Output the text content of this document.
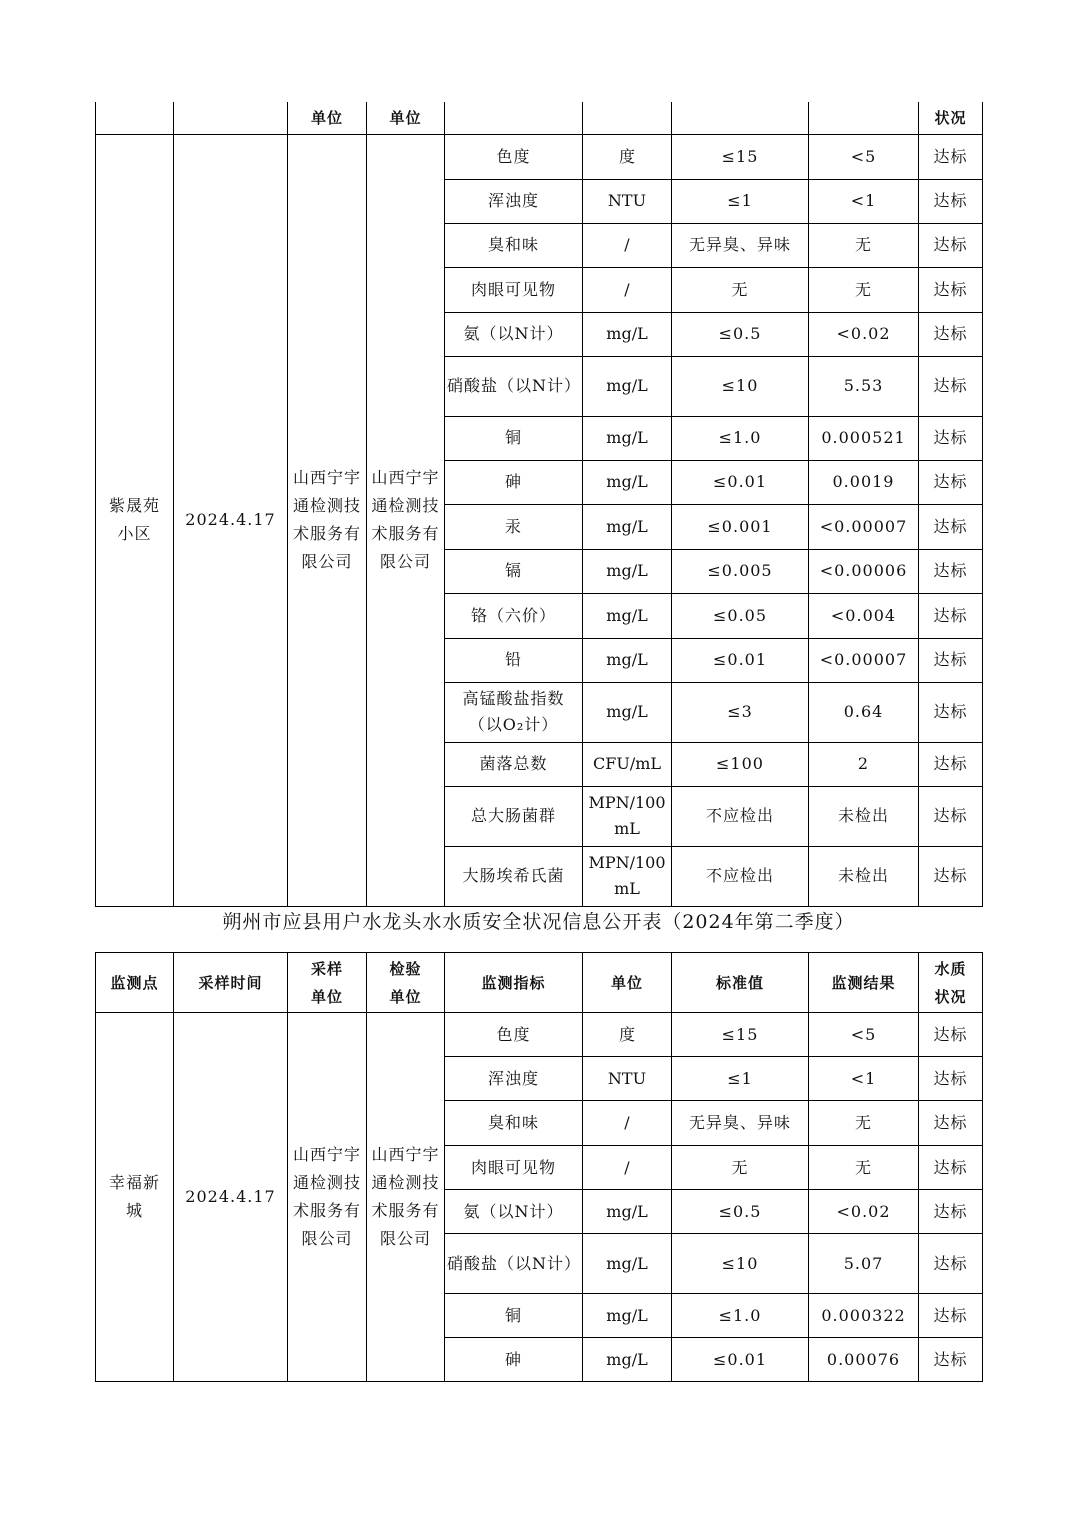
		单位	单位					状况
紫晟苑小区	2024.4.17	山西宁宇通检测技术服务有限公司	山西宁宇通检测技术服务有限公司	色度	度	≤15	<5	达标
				浑浊度	NTU	≤1	<1	达标
				臭和味	/	无异臭、异味	无	达标
				肉眼可见物	/	无	无	达标
				氨（以N计）	mg/L	≤0.5	<0.02	达标
				硝酸盐（以N计）	mg/L	≤10	5.53	达标
				铜	mg/L	≤1.0	0.000521	达标
				砷	mg/L	≤0.01	0.0019	达标
				汞	mg/L	≤0.001	<0.00007	达标
				镉	mg/L	≤0.005	<0.00006	达标
				铬（六价）	mg/L	≤0.05	<0.004	达标
				铅	mg/L	≤0.01	<0.00007	达标
				高锰酸盐指数（以O₂计）	mg/L	≤3	0.64	达标
				菌落总数	CFU/mL	≤100	2	达标
				总大肠菌群	MPN/100mL	不应检出	未检出	达标
				大肠埃希氏菌	MPN/100mL	不应检出	未检出	达标
朔州市应县用户水龙头水水质安全状况信息公开表（2024年第二季度）
监测点	采样时间	采样单位	检验单位	监测指标	单位	标准值	监测结果	水质状况
幸福新城	2024.4.17	山西宁宇通检测技术服务有限公司	山西宁宇通检测技术服务有限公司	色度	度	≤15	<5	达标
				浑浊度	NTU	≤1	<1	达标
				臭和味	/	无异臭、异味	无	达标
				肉眼可见物	/	无	无	达标
				氨（以N计）	mg/L	≤0.5	<0.02	达标
				硝酸盐（以N计）	mg/L	≤10	5.07	达标
				铜	mg/L	≤1.0	0.000322	达标
				砷	mg/L	≤0.01	0.00076	达标
